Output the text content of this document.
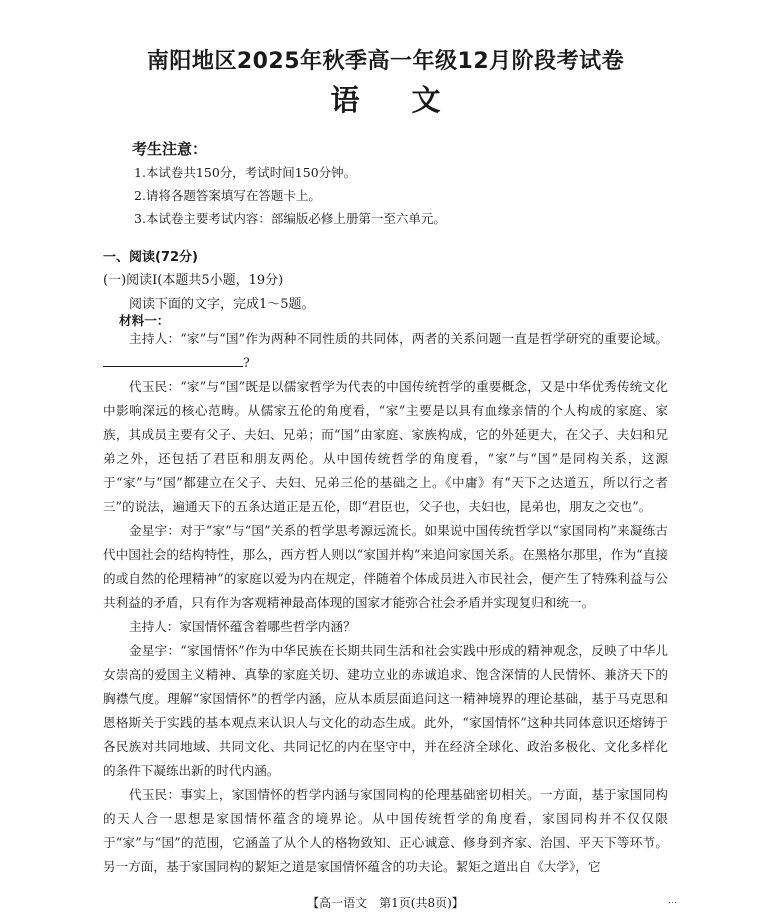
南阳地区2025年秋季高一年级12月阶段考试卷
语文
考生注意：
1.本试卷共150分，考试时间150分钟。
2.请将各题答案填写在答题卡上。
3.本试卷主要考试内容：部编版必修上册第一至六单元。
一、阅读(72分)
(一)阅读Ⅰ(本题共5小题，19分)
阅读下面的文字，完成1～5题。
材料一：

主持人：“家”与“国”作为两种不同性质的共同体，两者的关系问题一直是哲学研究的重要论域。?

代玉民：“家”与“国”既是以儒家哲学为代表的中国传统哲学的重要概念，又是中华优秀传统文化中影响深远的核心范畴。从儒家五伦的角度看，“家”主要是以具有血缘亲情的个人构成的家庭、家族，其成员主要有父子、夫妇、兄弟；而“国”由家庭、家族构成，它的外延更大，在父子、夫妇和兄弟之外，还包括了君臣和朋友两伦。从中国传统哲学的角度看，“家”与“国”是同构关系，这源于“家”与“国”都建立在父子、夫妇、兄弟三伦的基础之上。《中庸》有“天下之达道五，所以行之者三”的说法，遍通天下的五条达道正是五伦，即“君臣也，父子也，夫妇也，昆弟也，朋友之交也”。

金星宇：对于“家”与“国”关系的哲学思考源远流长。如果说中国传统哲学以“家国同构”来凝练古代中国社会的结构特性，那么，西方哲人则以“家国并构”来追问家国关系。在黑格尔那里，作为“直接的或自然的伦理精神”的家庭以爱为内在规定，伴随着个体成员进入市民社会，便产生了特殊利益与公共利益的矛盾，只有作为客观精神最高体现的国家才能弥合社会矛盾并实现复归和统一。

主持人：家国情怀蕴含着哪些哲学内涵？

金星宇：“家国情怀”作为中华民族在长期共同生活和社会实践中形成的精神观念，反映了中华儿女崇高的爱国主义精神、真挚的家庭关切、建功立业的赤诚追求、饱含深情的人民情怀、兼济天下的胸襟气度。理解“家国情怀”的哲学内涵，应从本质层面追问这一精神境界的理论基础，基于马克思和恩格斯关于实践的基本观点来认识人与文化的动态生成。此外，“家国情怀”这种共同体意识还熔铸于各民族对共同地域、共同文化、共同记忆的内在坚守中，并在经济全球化、政治多极化、文化多样化的条件下凝练出新的时代内涵。

代玉民：事实上，家国情怀的哲学内涵与家国同构的伦理基础密切相关。一方面，基于家国同构的天人合一思想是家国情怀蕴含的境界论。从中国传统哲学的角度看，家国同构并不仅仅限于“家”与“国”的范围，它涵盖了从个人的格物致知、正心诚意、修身到齐家、治国、平天下等环节。另一方面，基于家国同构的絜矩之道是家国情怀蕴含的功夫论。絜矩之道出自《大学》，它

【高一语文　第1页(共8页)】	…
